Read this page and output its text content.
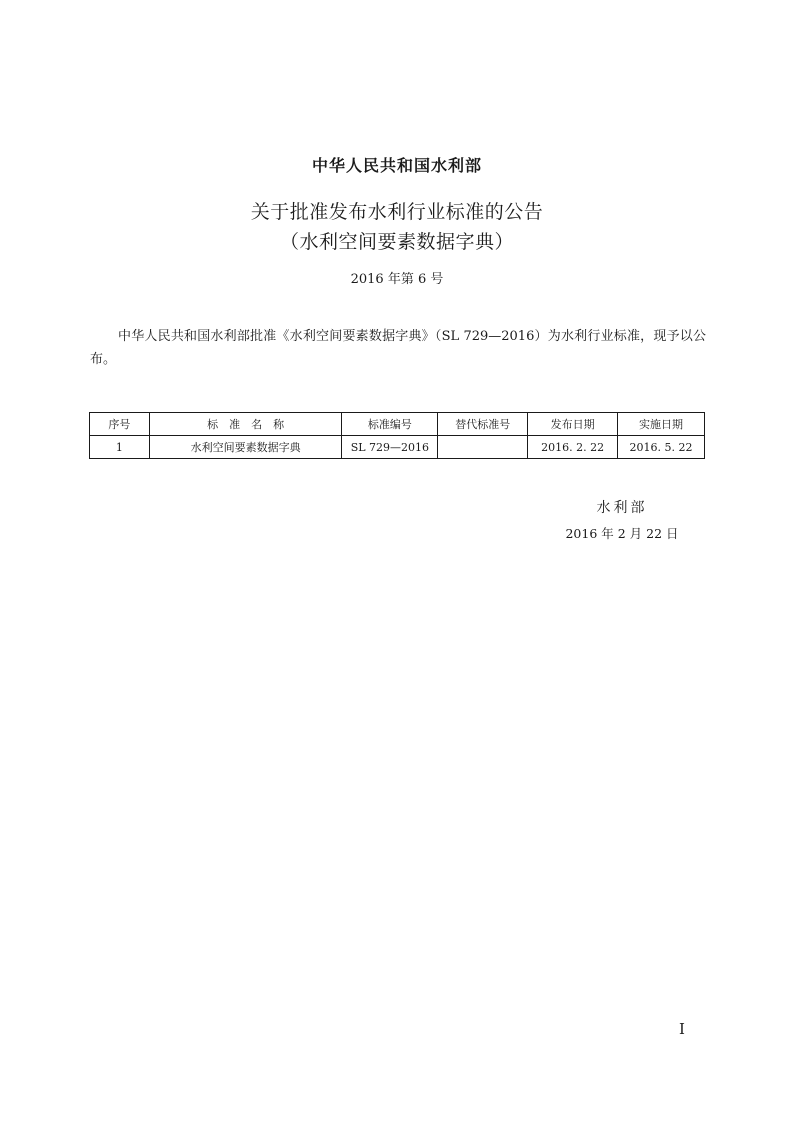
中华人民共和国水利部
关于批准发布水利行业标准的公告
（水利空间要素数据字典）
2016 年第 6 号
中华人民共和国水利部批准《水利空间要素数据字典》（SL 729—2016）为水利行业标准，现予以公布。
序号	标　准　名　称	标准编号	替代标准号	发布日期	实施日期
1	水利空间要素数据字典	SL 729—2016		2016. 2. 22	2016. 5. 22
水利部
2016 年 2 月 22 日
I
